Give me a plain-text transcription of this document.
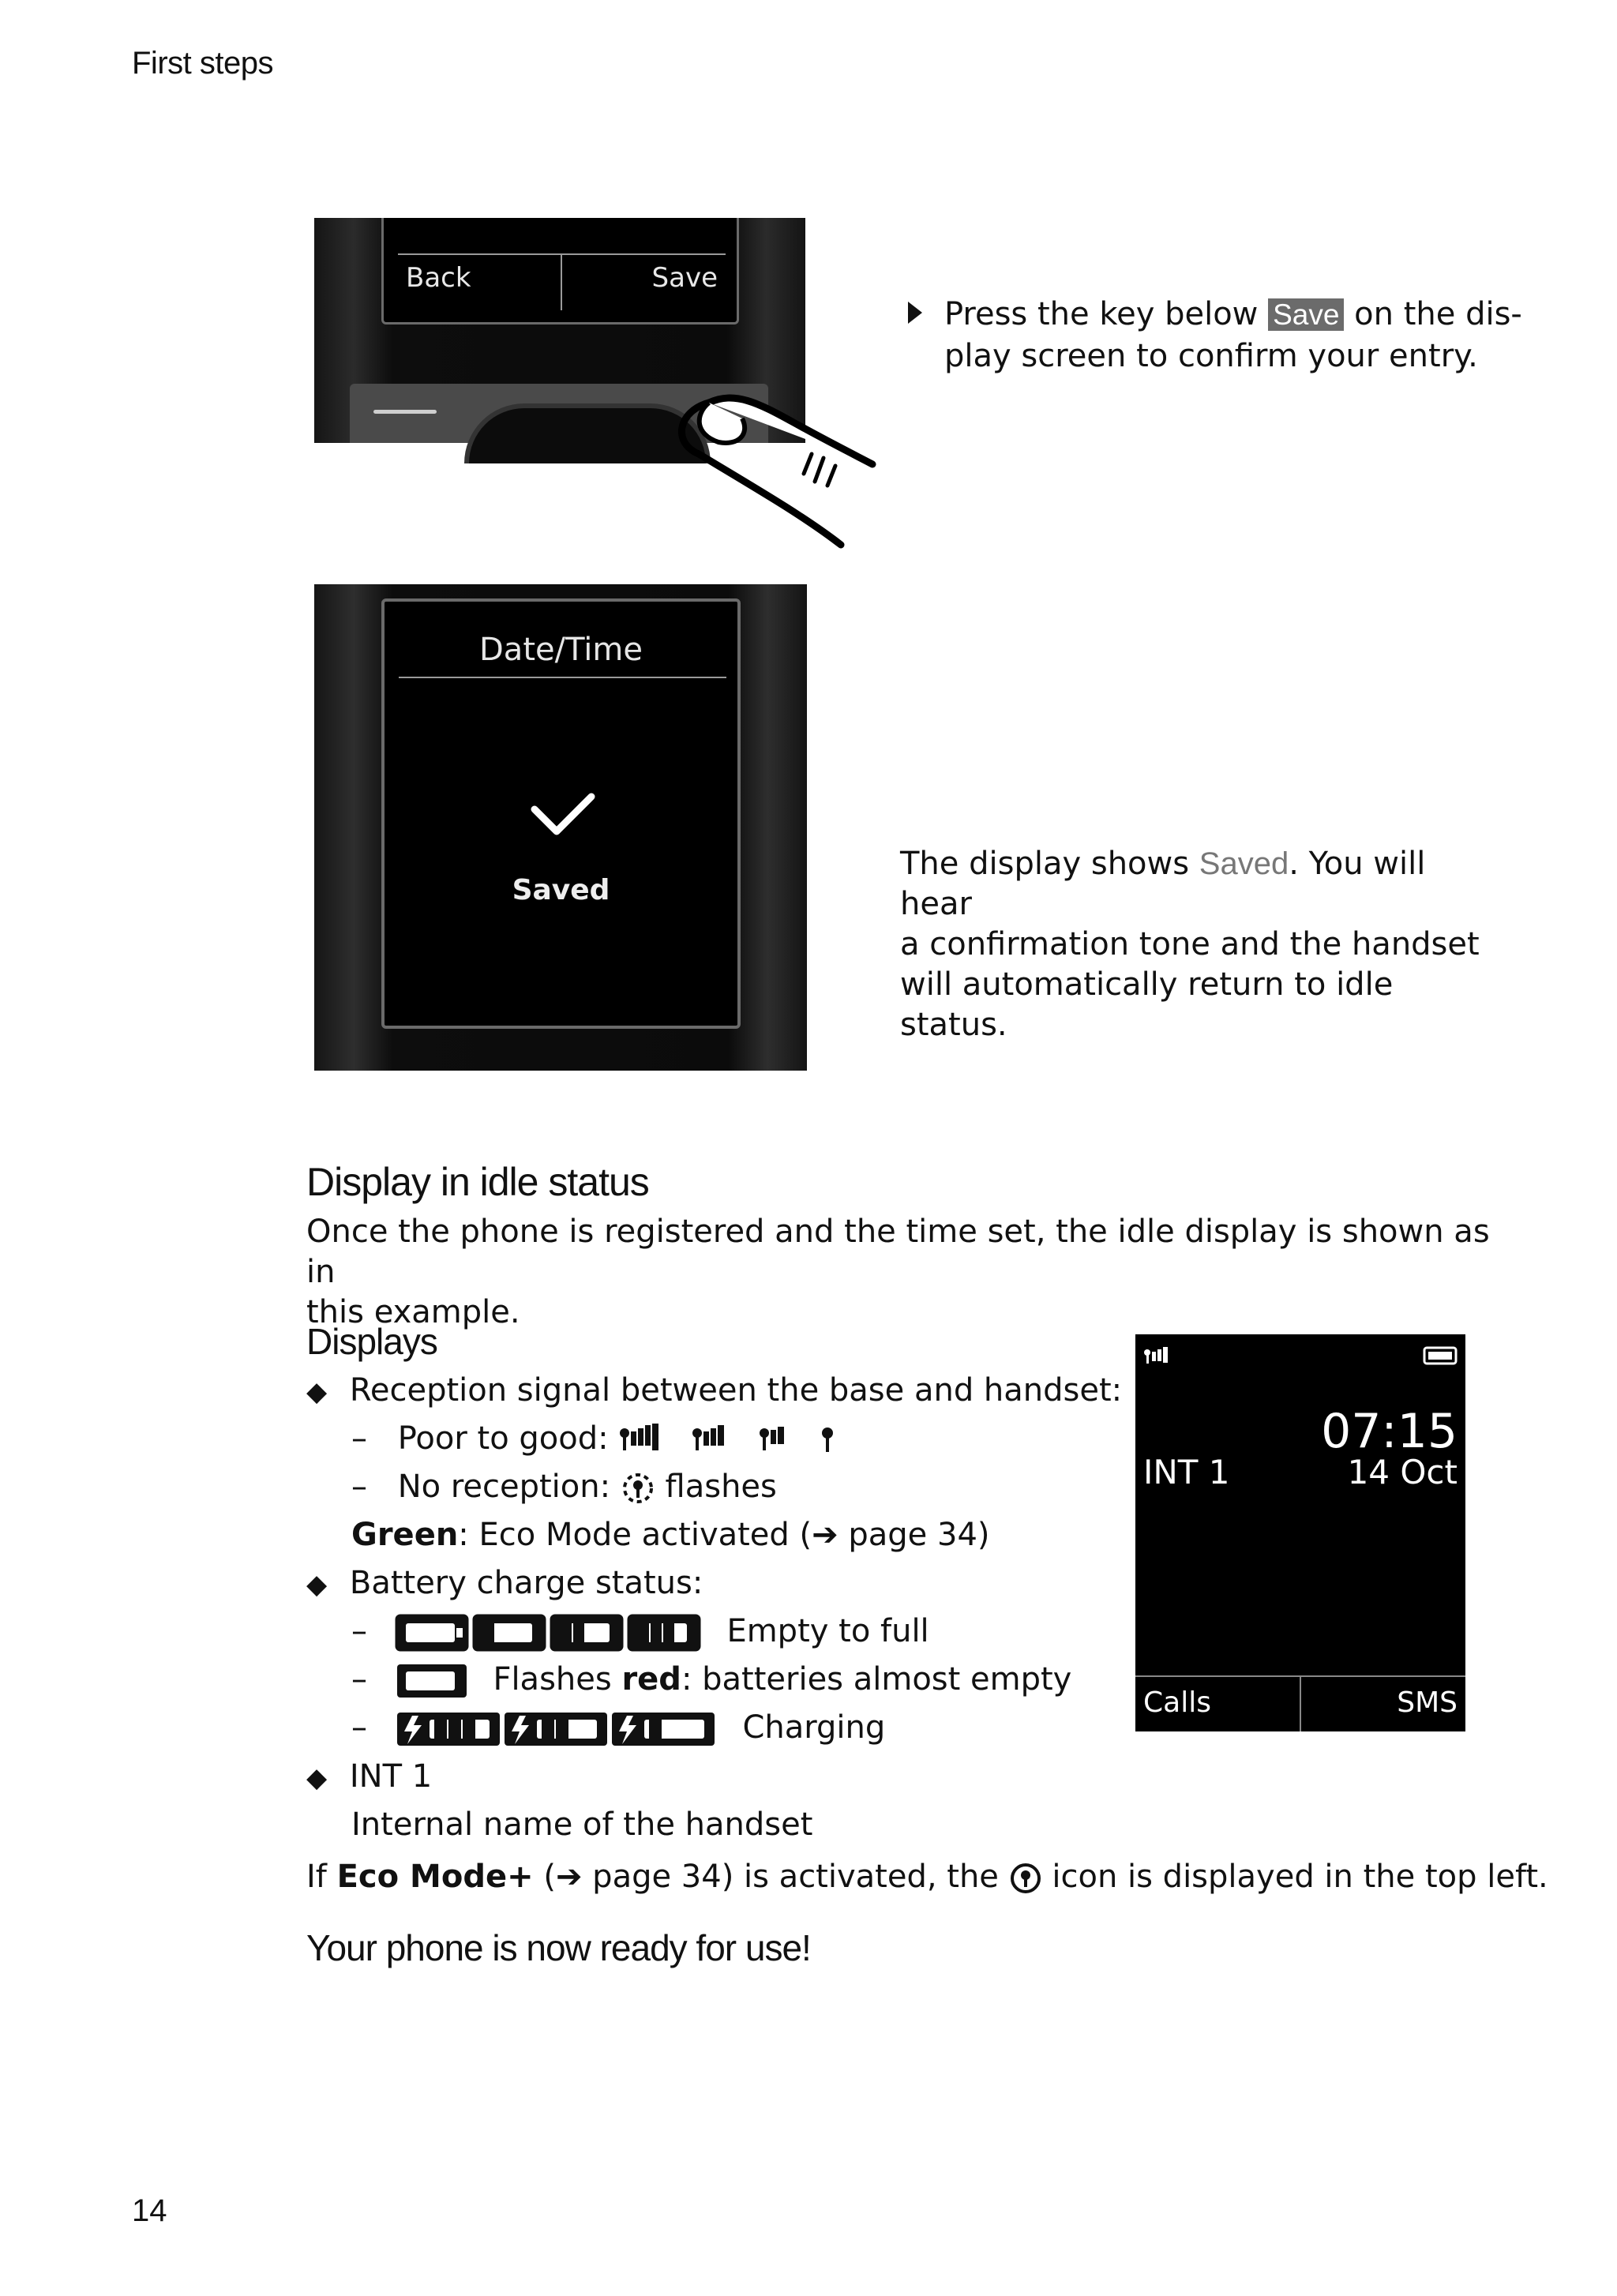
First steps
14
Back	Save
Press the key below Save on the dis-
play screen to confirm your entry.
Date/Time
Saved
The display shows Saved. You will hear
a confirmation tone and the handset
will automatically return to idle status.
Display in idle status
Once the phone is registered and the time set, the idle display is shown as in
this example.
Displays
◆ Reception signal between the base and handset:
– Poor to good:
– No reception: flashes
Green: Eco Mode activated (➔ page 34)
◆ Battery charge status:
–	Empty to full
–	Flashes red: batteries almost empty
–	Charging
◆ INT 1
Internal name of the handset
If Eco Mode+ (➔ page 34) is activated, the icon is displayed in the top left.
Your phone is now ready for use!
07:15
INT 1	14 Oct
Calls	SMS
